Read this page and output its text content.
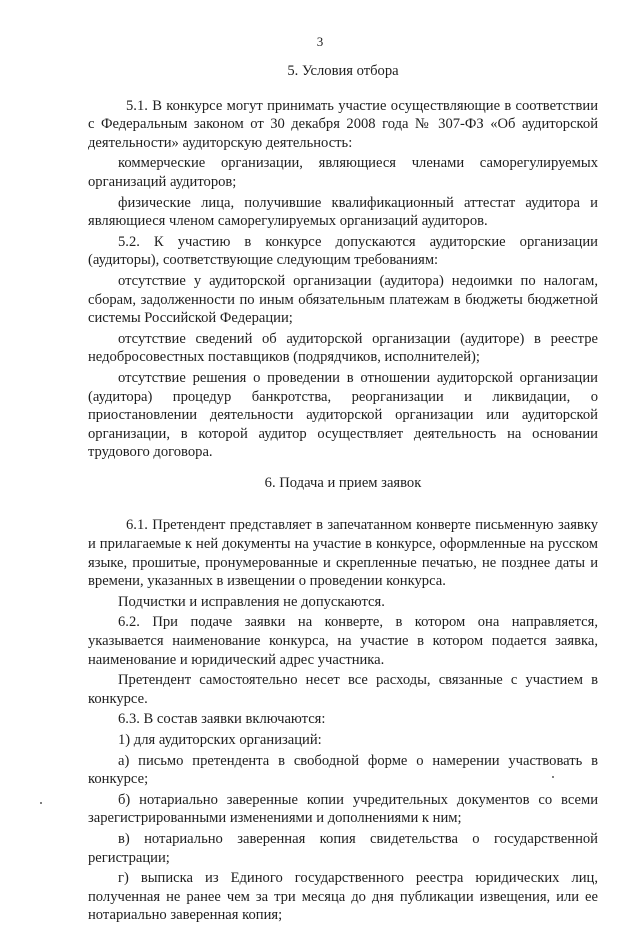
3
5. Условия отбора

5.1. В конкурсе могут принимать участие осуществляющие в соответствии с Федеральным законом от 30 декабря 2008 года № 307-ФЗ «Об аудиторской деятельности» аудиторскую деятельность:

коммерческие организации, являющиеся членами саморегулируемых организаций аудиторов;

физические лица, получившие квалификационный аттестат аудитора и являющиеся членом саморегулируемых организаций аудиторов.

5.2. К участию в конкурсе допускаются аудиторские организации (аудиторы), соответствующие следующим требованиям:

отсутствие у аудиторской организации (аудитора) недоимки по налогам, сборам, задолженности по иным обязательным платежам в бюджеты бюджетной системы Российской Федерации;

отсутствие сведений об аудиторской организации (аудиторе) в реестре недобросовестных поставщиков (подрядчиков, исполнителей);

отсутствие решения о проведении в отношении аудиторской организации (аудитора) процедур банкротства, реорганизации и ликвидации, о приостановлении деятельности аудиторской организации или аудиторской организации, в которой аудитор осуществляет деятельность на основании трудового договора.

6. Подача и прием заявок

6.1. Претендент представляет в запечатанном конверте письменную заявку и прилагаемые к ней документы на участие в конкурсе, оформленные на русском языке, прошитые, пронумерованные и скрепленные печатью, не позднее даты и времени, указанных в извещении о проведении конкурса.

Подчистки и исправления не допускаются.

6.2. При подаче заявки на конверте, в котором она направляется, указывается наименование конкурса, на участие в котором подается заявка, наименование и юридический адрес участника.

Претендент самостоятельно несет все расходы, связанные с участием в конкурсе.

6.3. В состав заявки включаются:

1) для аудиторских организаций:

а) письмо претендента в свободной форме о намерении участвовать в конкурсе;

б) нотариально заверенные копии учредительных документов со всеми зарегистрированными изменениями и дополнениями к ним;

в) нотариально заверенная копия свидетельства о государственной регистрации;

г) выписка из Единого государственного реестра юридических лиц, полученная не ранее чем за три месяца до дня публикации извещения, или ее нотариально заверенная копия;
